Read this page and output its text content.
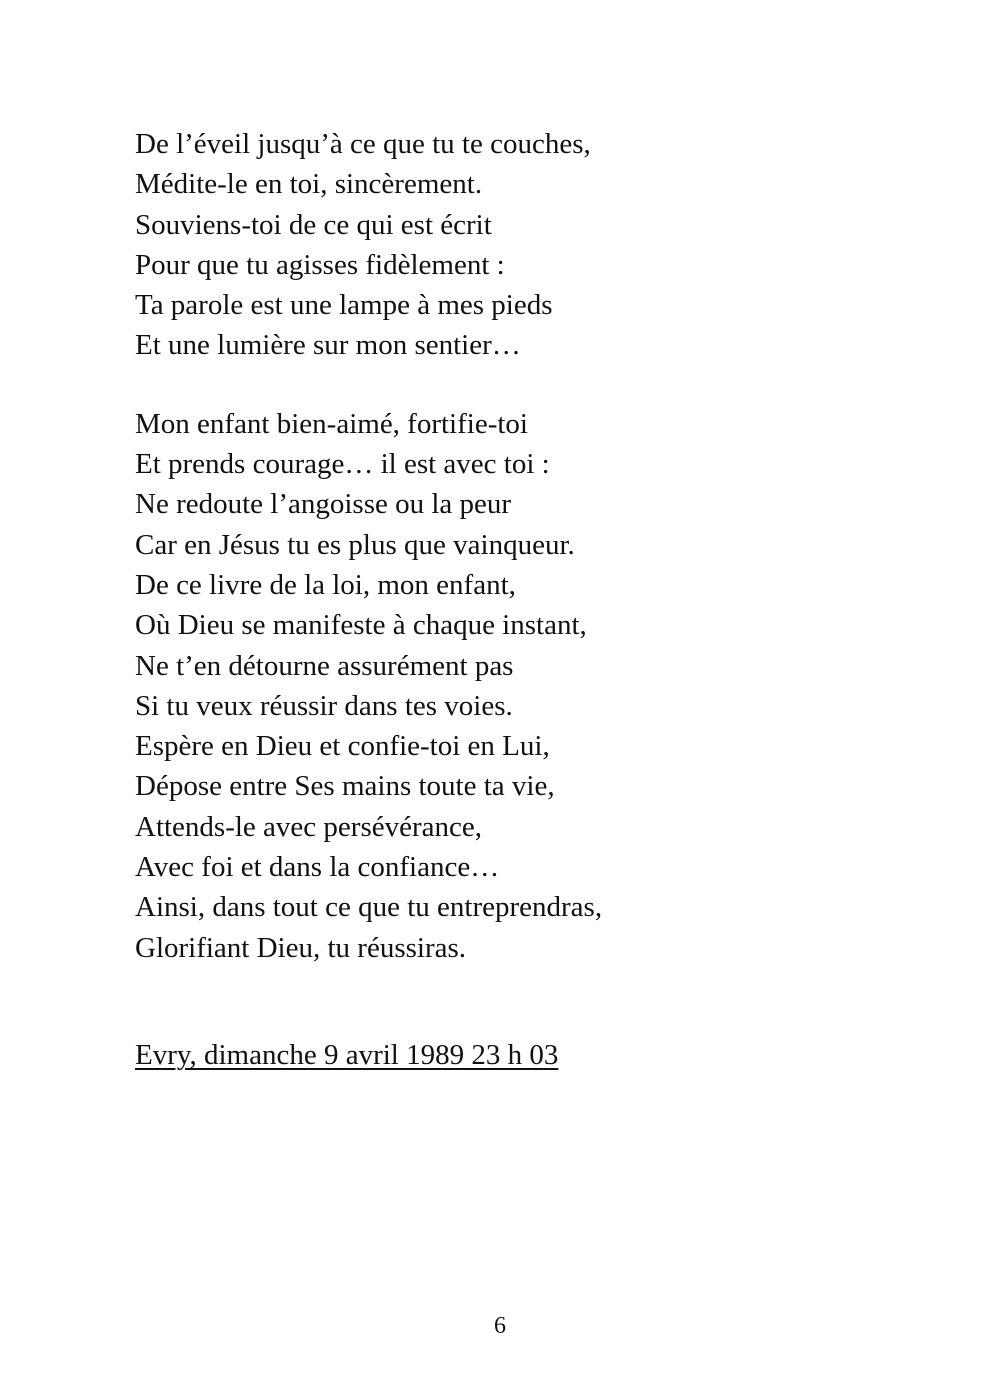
De l’éveil jusqu’à ce que tu te couches,
Médite-le en toi, sincèrement.
Souviens-toi de ce qui est écrit
Pour que tu agisses fidèlement :
Ta parole est une lampe à mes pieds
Et une lumière sur mon sentier…
Mon enfant bien-aimé, fortifie-toi
Et prends courage… il est avec toi :
Ne redoute l’angoisse ou la peur
Car en Jésus tu es plus que vainqueur.
De ce livre de la loi, mon enfant,
Où Dieu se manifeste à chaque instant,
Ne t’en détourne assurément pas
Si tu veux réussir dans tes voies.
Espère en Dieu et confie-toi en Lui,
Dépose entre Ses mains toute ta vie,
Attends-le avec persévérance,
Avec foi et dans la confiance…
Ainsi, dans tout ce que tu entreprendras,
Glorifiant Dieu, tu réussiras.
Evry, dimanche 9 avril 1989 23 h 03
6
